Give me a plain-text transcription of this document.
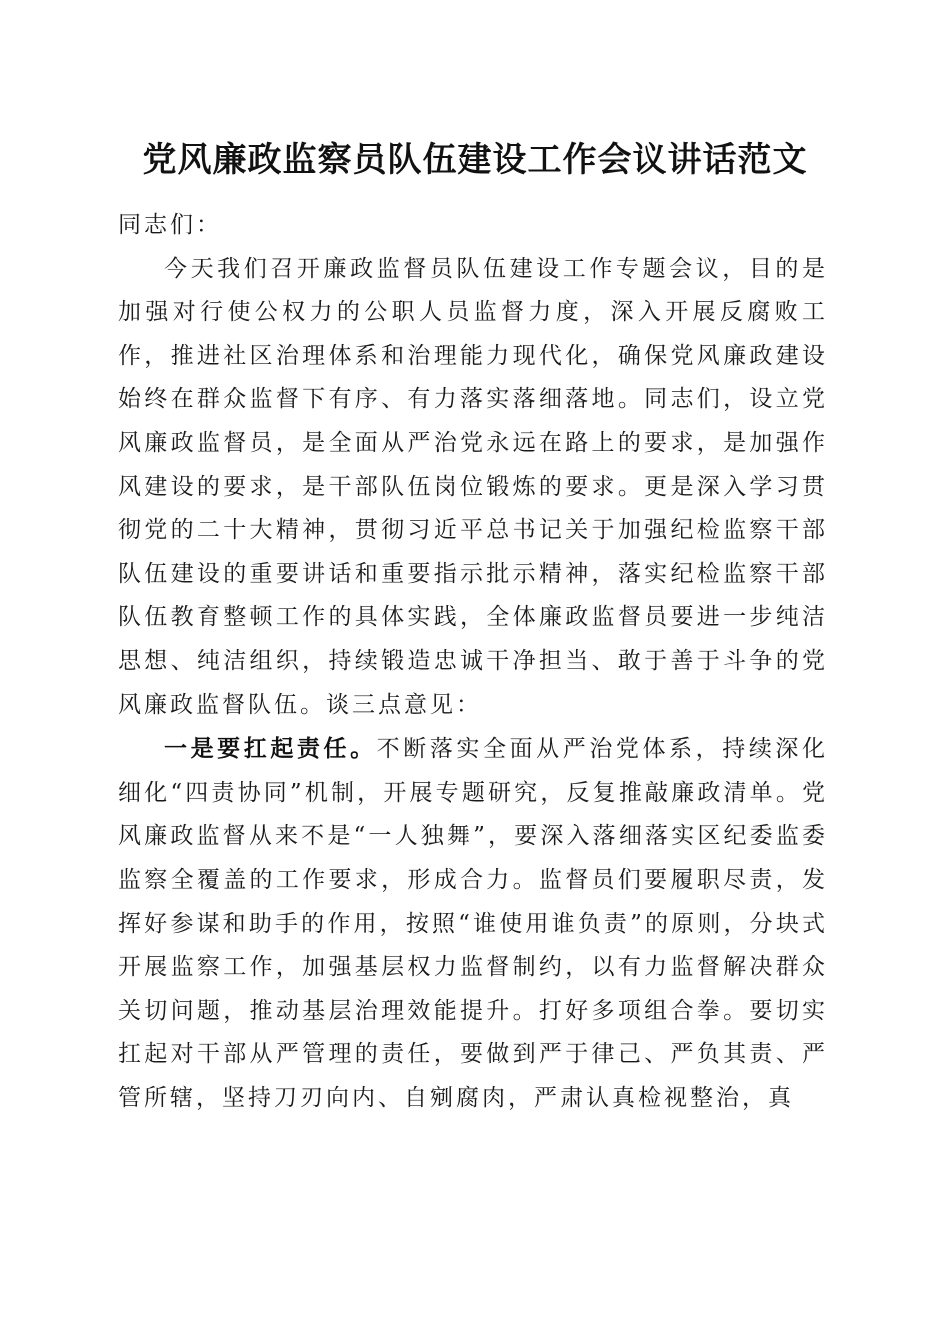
党风廉政监察员队伍建设工作会议讲话范文

同志们：

今天我们召开廉政监督员队伍建设工作专题会议，目的是加强对行使公权力的公职人员监督力度，深入开展反腐败工作，推进社区治理体系和治理能力现代化，确保党风廉政建设始终在群众监督下有序、有力落实落细落地。同志们，设立党风廉政监督员，是全面从严治党永远在路上的要求，是加强作风建设的要求，是干部队伍岗位锻炼的要求。更是深入学习贯彻党的二十大精神，贯彻习近平总书记关于加强纪检监察干部队伍建设的重要讲话和重要指示批示精神，落实纪检监察干部队伍教育整顿工作的具体实践，全体廉政监督员要进一步纯洁思想、纯洁组织，持续锻造忠诚干净担当、敢于善于斗争的党风廉政监督队伍。谈三点意见：

一是要扛起责任。不断落实全面从严治党体系，持续深化细化“四责协同”机制，开展专题研究，反复推敲廉政清单。党风廉政监督从来不是“一人独舞”，要深入落细落实区纪委监委监察全覆盖的工作要求，形成合力。监督员们要履职尽责，发挥好参谋和助手的作用，按照“谁使用谁负责”的原则，分块式开展监察工作，加强基层权力监督制约，以有力监督解决群众关切问题，推动基层治理效能提升。打好多项组合拳。要切实扛起对干部从严管理的责任，要做到严于律己、严负其责、严管所辖，坚持刀刃向内、自剜腐肉，严肃认真检视整治，真
